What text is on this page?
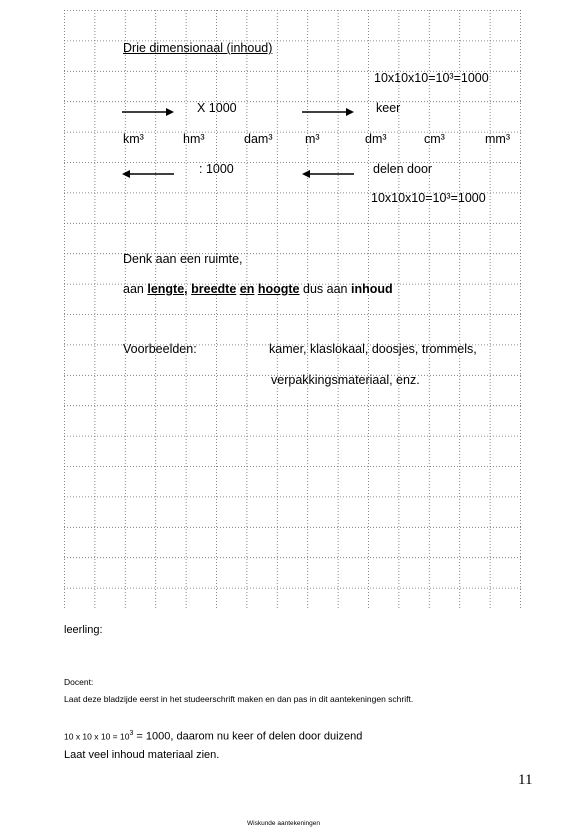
Drie dimensionaal (inhoud)
10x10x10=10³=1000
X 1000	keer
km³	hm³	dam³	m³	dm³	cm³	mm³
: 1000	delen door
10x10x10=10³=1000
Denk aan een ruimte,
aan lengte, breedte en hoogte dus aan inhoud
Voorbeelden:	kamer, klaslokaal, doosjes, trommels,
verpakkingsmateriaal, enz.
leerling:
Docent:
Laat deze bladzijde eerst in het studeerschrift maken en dan pas in dit aantekeningen schrift.
10 x 10 x $10 = 10^3 = 1000$, daarom nu keer of delen door duizend
Laat veel inhoud materiaal zien.
11
Wiskunde aantekeningen
